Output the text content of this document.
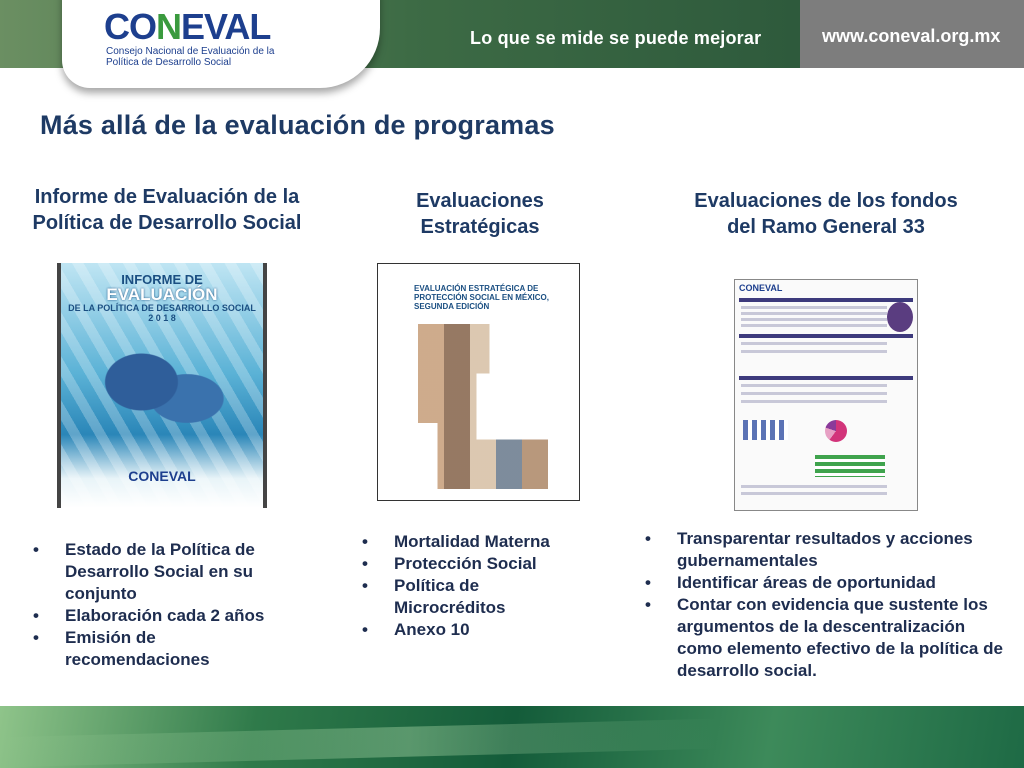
Lo que se mide se puede mejorar	www.coneval.org.mx
CONEVAL
Consejo Nacional de Evaluación de la Política de Desarrollo Social
Más allá de la evaluación de programas
Informe de Evaluación de la Política de Desarrollo Social
Evaluaciones Estratégicas
Evaluaciones de los fondos del Ramo General 33
INFORME DE
EVALUACIÓN
DE LA POLÍTICA DE DESARROLLO SOCIAL
2 0 1 8
CONEVAL
EVALUACIÓN ESTRATÉGICA DE PROTECCIÓN SOCIAL EN MÉXICO, SEGUNDA EDICIÓN
CONEVAL
• Estado de la Política de Desarrollo Social en su conjunto
• Elaboración cada 2 años
• Emisión de recomendaciones
• Mortalidad Materna
• Protección Social
• Política de Microcréditos
• Anexo 10
• Transparentar resultados y acciones gubernamentales
• Identificar áreas de oportunidad
• Contar con evidencia que sustente los argumentos de la descentralización como elemento efectivo de la política de desarrollo social.
